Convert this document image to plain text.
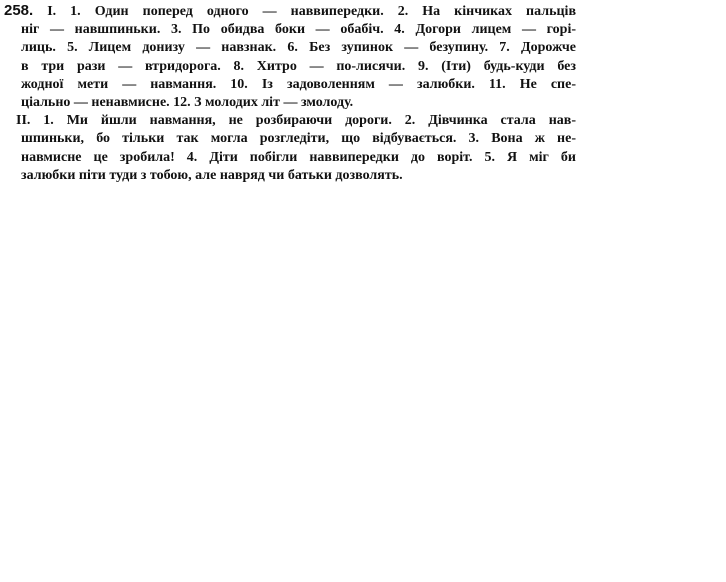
258. І. 1. Один поперед одного — наввипередки. 2. На кінчиках пальців
ніг — навшпиньки. 3. По обидва боки — обабіч. 4. Догори лицем — горі-
лиць. 5. Лицем донизу — навзнак. 6. Без зупинок — безупину. 7. Дорожче
в три рази — втридорога. 8. Хитро — по-лисячи. 9. (Іти) будь-куди без
жодної мети — навмання. 10. Із задоволенням — залюбки. 11. Не спе-
ціально — ненавмисне. 12. З молодих літ — змолоду.
ІІ. 1. Ми йшли навмання, не розбираючи дороги. 2. Дівчинка стала нав-
шпиньки, бо тільки так могла розгледіти, що відбувається. 3. Вона ж не-
навмисне це зробила! 4. Діти побігли наввипередки до воріт. 5. Я міг би
залюбки піти туди з тобою, але навряд чи батьки дозволять.
